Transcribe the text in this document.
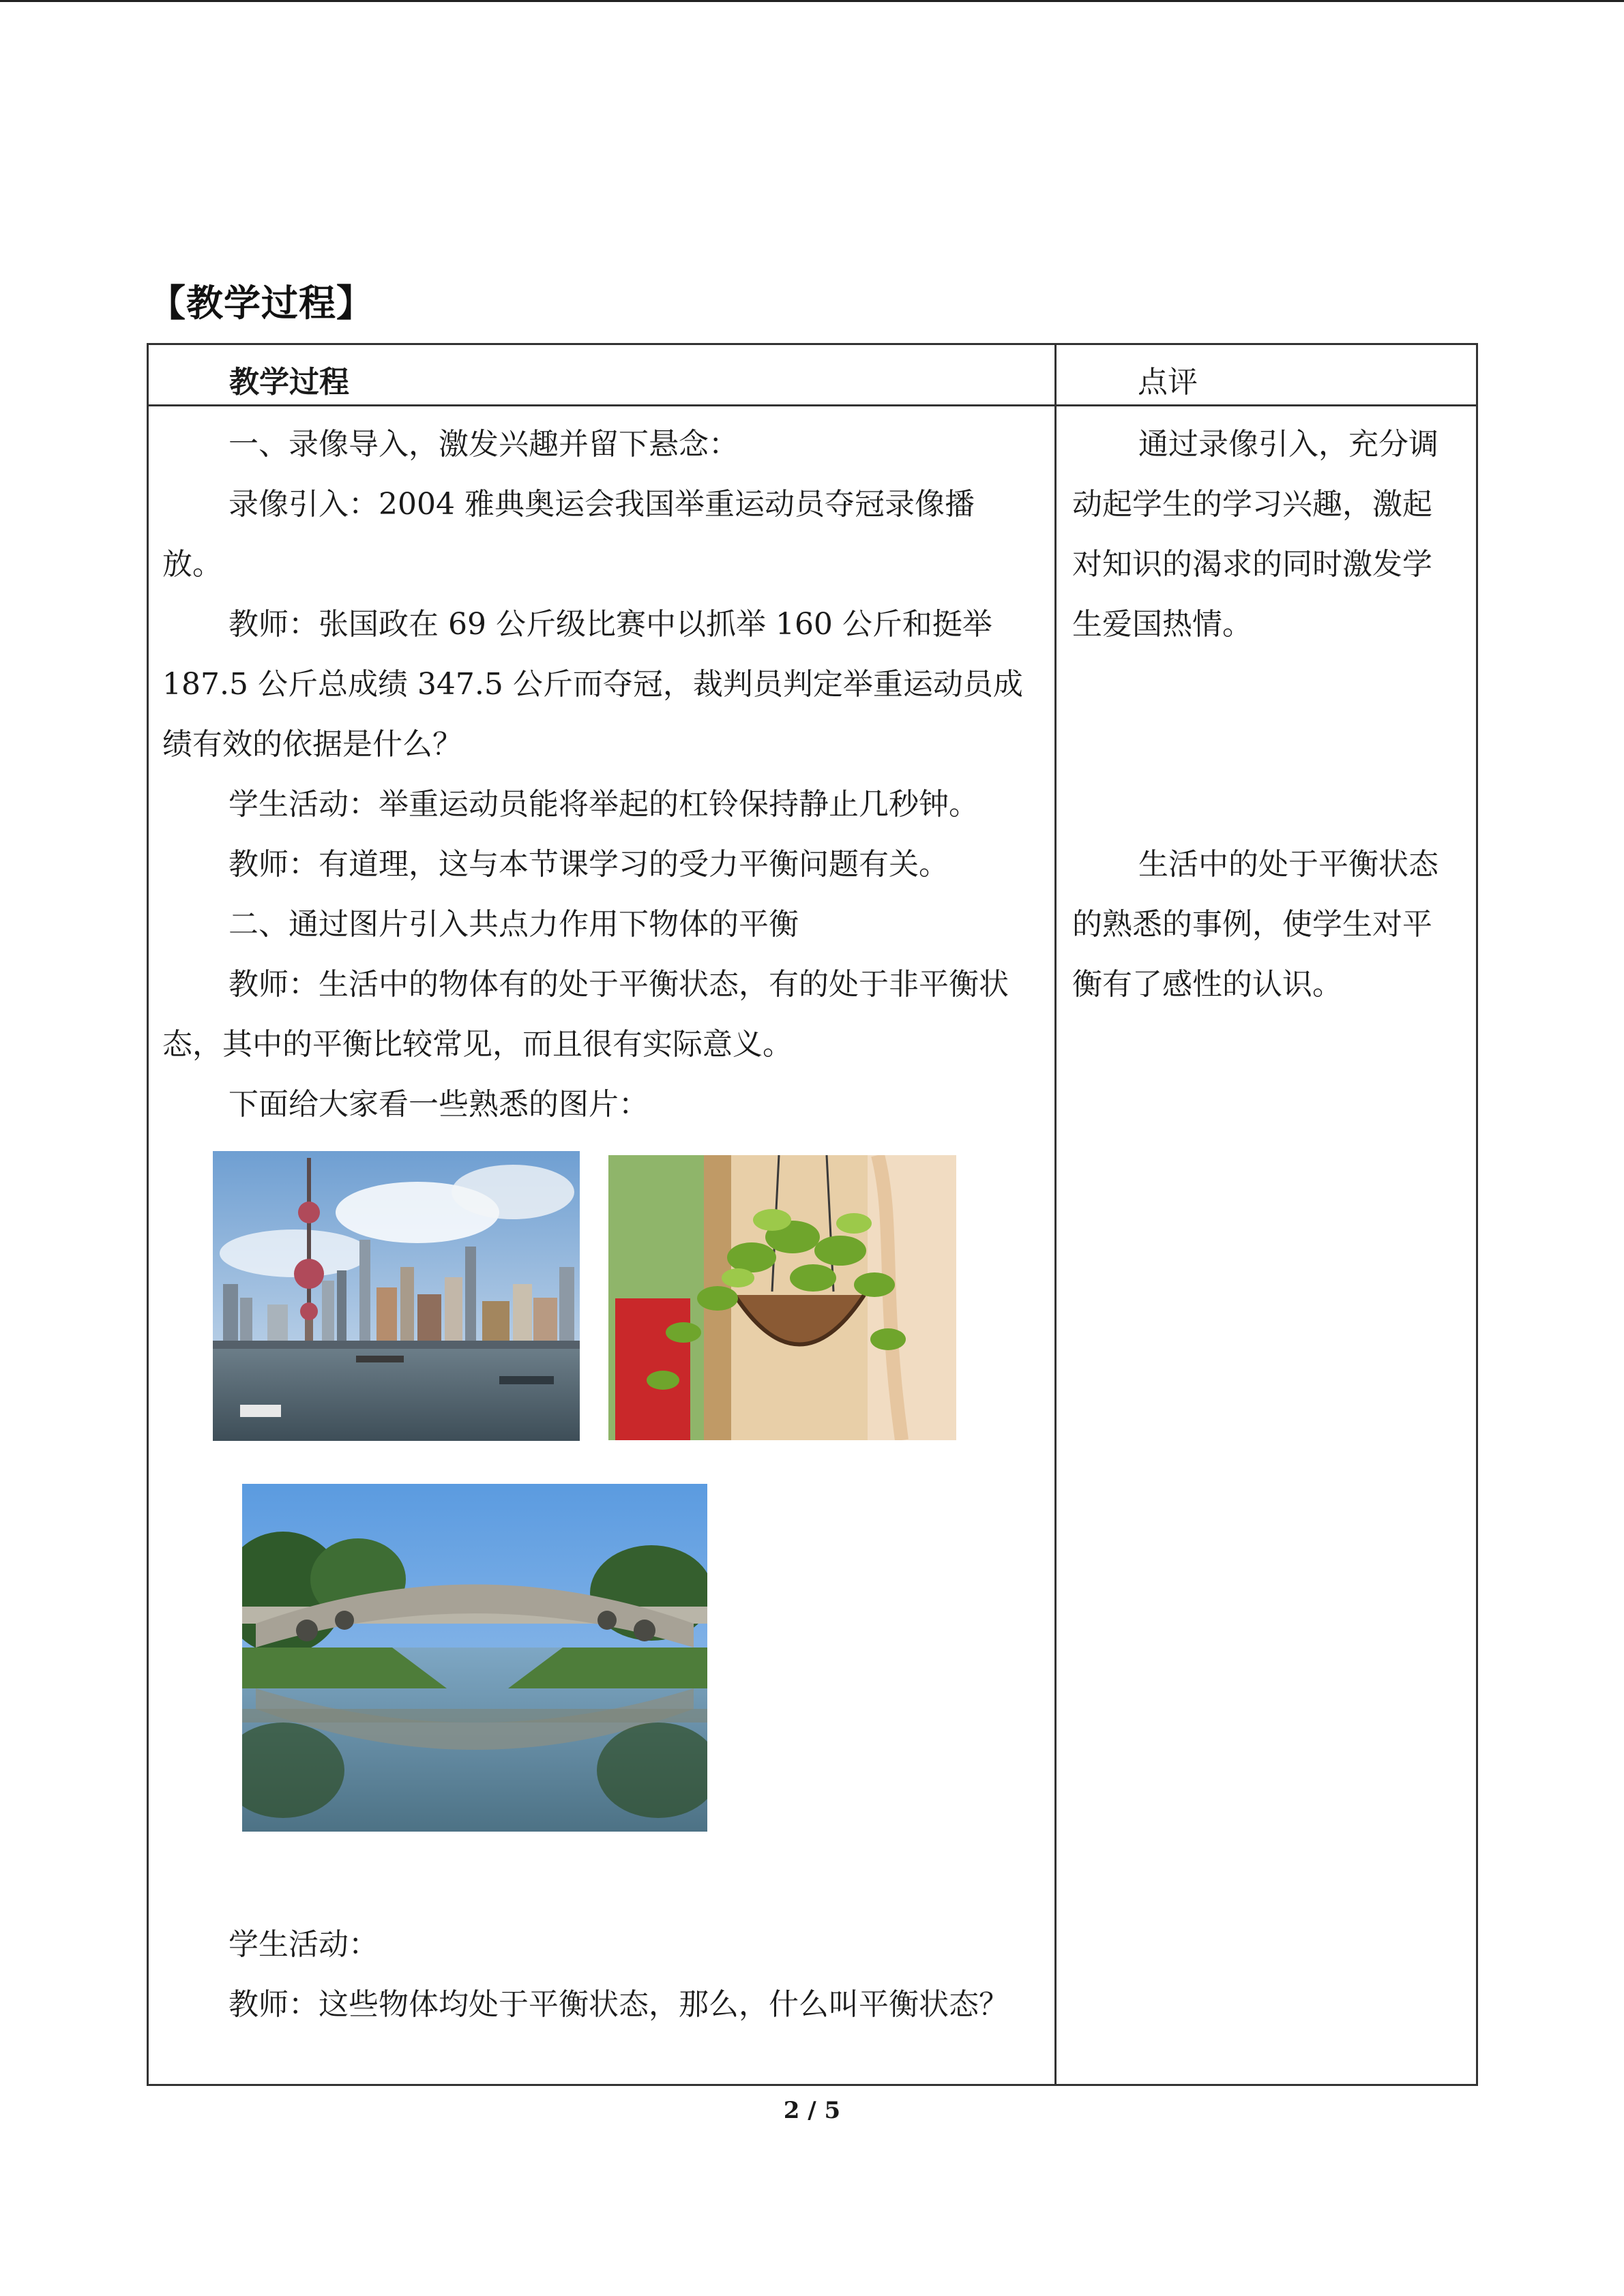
【教学过程】
教学过程	点评

一、录像导入，激发兴趣并留下悬念：

录像引入：2004 雅典奥运会我国举重运动员夺冠录像播放。

教师：张国政在 69 公斤级比赛中以抓举 160 公斤和挺举 187.5 公斤总成绩 347.5 公斤而夺冠，裁判员判定举重运动员成绩有效的依据是什么？

学生活动：举重运动员能将举起的杠铃保持静止几秒钟。

教师：有道理，这与本节课学习的受力平衡问题有关。

二、通过图片引入共点力作用下物体的平衡

教师：生活中的物体有的处于平衡状态，有的处于非平衡状态，其中的平衡比较常见，而且很有实际意义。

下面给大家看一些熟悉的图片：

学生活动：

教师：这些物体均处于平衡状态，那么，什么叫平衡状态？

通过录像引入，充分调动起学生的学习兴趣，激起对知识的渴求的同时激发学生爱国热情。

生活中的处于平衡状态的熟悉的事例，使学生对平衡有了感性的认识。

2 / 5
